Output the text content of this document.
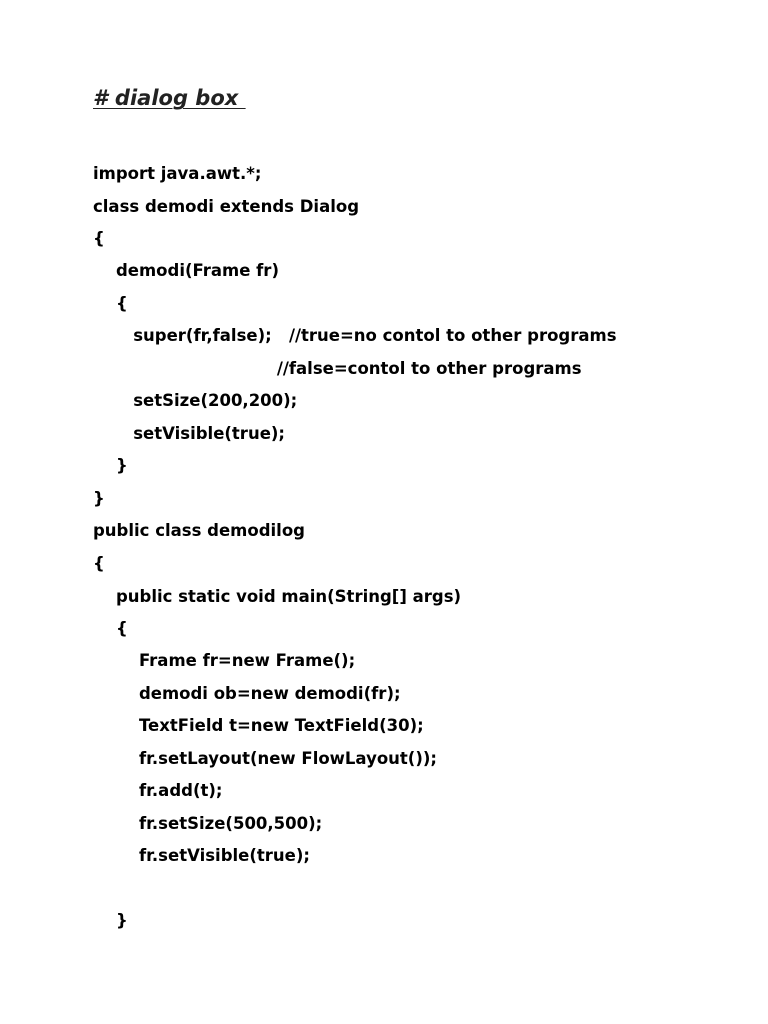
# dialog box
import java.awt.*;
class demodi extends Dialog
{
demodi(Frame fr)
{
super(fr,false);   //true=no contol to other programs
//false=contol to other programs
setSize(200,200);
setVisible(true);
}
}
public class demodilog
{
public static void main(String[] args)
{
Frame fr=new Frame();
demodi ob=new demodi(fr);
TextField t=new TextField(30);
fr.setLayout(new FlowLayout());
fr.add(t);
fr.setSize(500,500);
fr.setVisible(true);
}
